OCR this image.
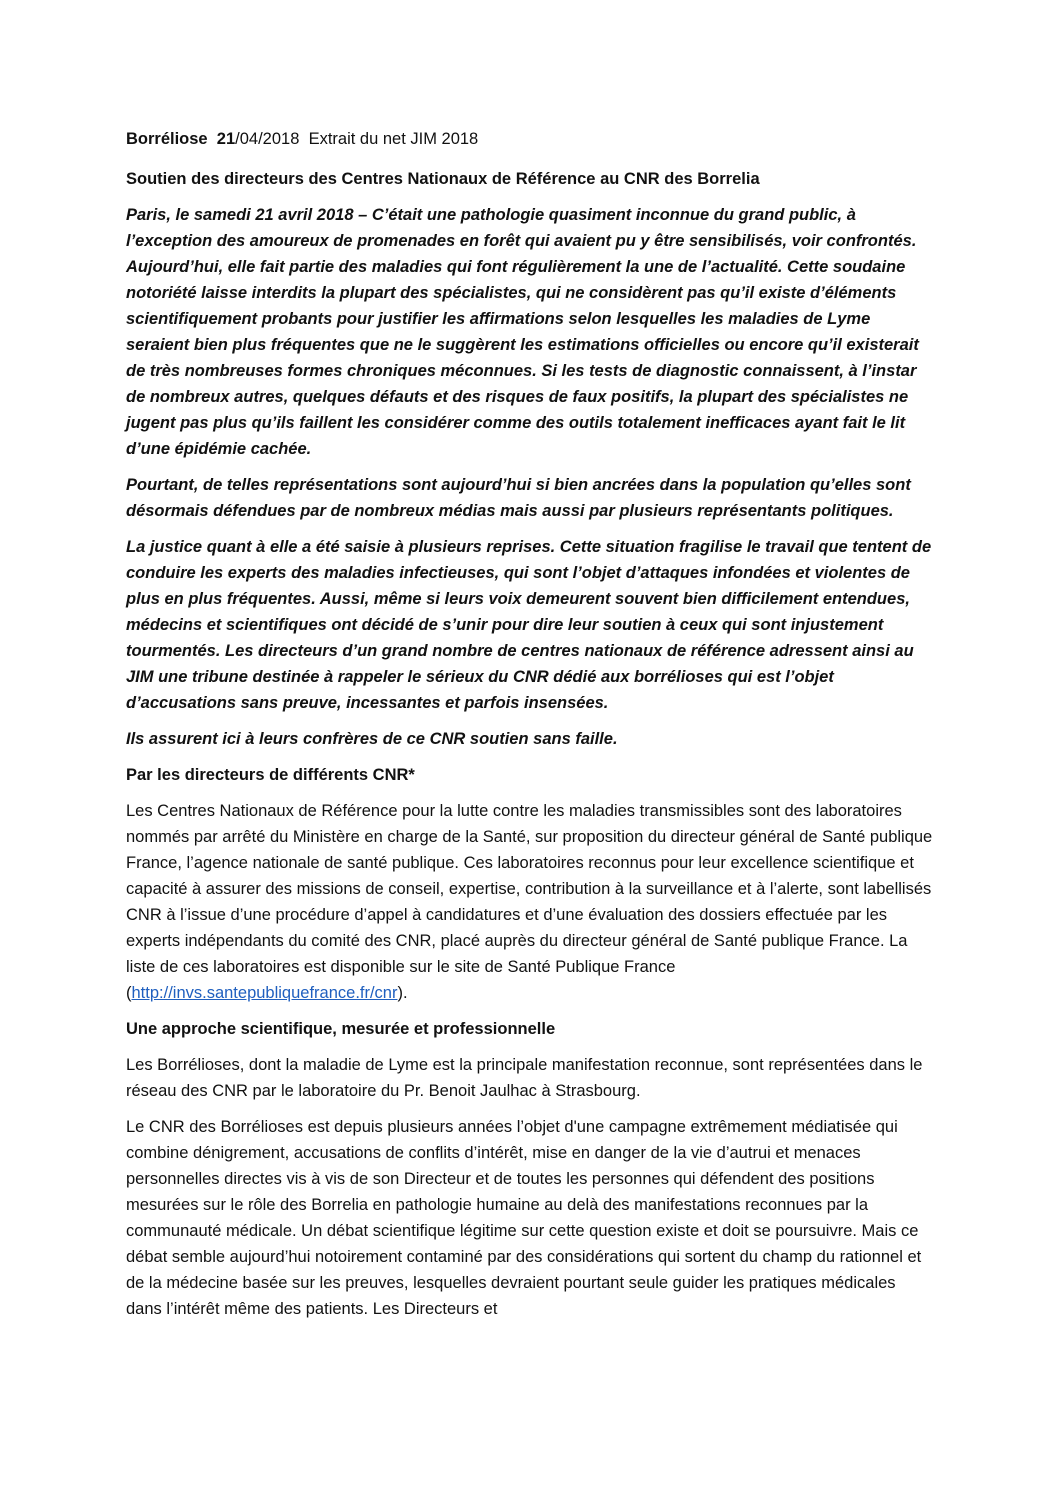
Borréliose 21/04/2018 Extrait du net JIM 2018
Soutien des directeurs des Centres Nationaux de Référence au CNR des Borrelia
Paris, le samedi 21 avril 2018 – C’était une pathologie quasiment inconnue du grand public, à l’exception des amoureux de promenades en forêt qui avaient pu y être sensibilisés, voir confrontés. Aujourd’hui, elle fait partie des maladies qui font régulièrement la une de l’actualité. Cette soudaine notoriété laisse interdits la plupart des spécialistes, qui ne considèrent pas qu’il existe d’éléments scientifiquement probants pour justifier les affirmations selon lesquelles les maladies de Lyme seraient bien plus fréquentes que ne le suggèrent les estimations officielles ou encore qu’il existerait de très nombreuses formes chroniques méconnues. Si les tests de diagnostic connaissent, à l’instar de nombreux autres, quelques défauts et des risques de faux positifs, la plupart des spécialistes ne jugent pas plus qu’ils faillent les considérer comme des outils totalement inefficaces ayant fait le lit d’une épidémie cachée.
Pourtant, de telles représentations sont aujourd’hui si bien ancrées dans la population qu’elles sont désormais défendues par de nombreux médias mais aussi par plusieurs représentants politiques.
La justice quant à elle a été saisie à plusieurs reprises. Cette situation fragilise le travail que tentent de conduire les experts des maladies infectieuses, qui sont l’objet d’attaques infondées et violentes de plus en plus fréquentes. Aussi, même si leurs voix demeurent souvent bien difficilement entendues, médecins et scientifiques ont décidé de s’unir pour dire leur soutien à ceux qui sont injustement tourmentés. Les directeurs d’un grand nombre de centres nationaux de référence adressent ainsi au JIM une tribune destinée à rappeler le sérieux du CNR dédié aux borrélioses qui est l’objet d’accusations sans preuve, incessantes et parfois insensées.
Ils assurent ici à leurs confrères de ce CNR soutien sans faille.
Par les directeurs de différents CNR*
Les Centres Nationaux de Référence pour la lutte contre les maladies transmissibles sont des laboratoires nommés par arrêté du Ministère en charge de la Santé, sur proposition du directeur général de Santé publique France, l’agence nationale de santé publique. Ces laboratoires reconnus pour leur excellence scientifique et capacité à assurer des missions de conseil, expertise, contribution à la surveillance et à l’alerte, sont labellisés CNR à l’issue d’une procédure d’appel à candidatures et d’une évaluation des dossiers effectuée par les experts indépendants du comité des CNR, placé auprès du directeur général de Santé publique France. La liste de ces laboratoires est disponible sur le site de Santé Publique France (http://invs.santepubliquefrance.fr/cnr).
Une approche scientifique, mesurée et professionnelle
Les Borrélioses, dont la maladie de Lyme est la principale manifestation reconnue, sont représentées dans le réseau des CNR par le laboratoire du Pr. Benoit Jaulhac à Strasbourg.
Le CNR des Borrélioses est depuis plusieurs années l’objet d'une campagne extrêmement médiatisée qui combine dénigrement, accusations de conflits d’intérêt, mise en danger de la vie d’autrui et menaces personnelles directes vis à vis de son Directeur et de toutes les personnes qui défendent des positions mesurées sur le rôle des Borrelia en pathologie humaine au delà des manifestations reconnues par la communauté médicale. Un débat scientifique légitime sur cette question existe et doit se poursuivre. Mais ce débat semble aujourd’hui notoirement contaminé par des considérations qui sortent du champ du rationnel et de la médecine basée sur les preuves, lesquelles devraient pourtant seule guider les pratiques médicales dans l’intérêt même des patients. Les Directeurs et
